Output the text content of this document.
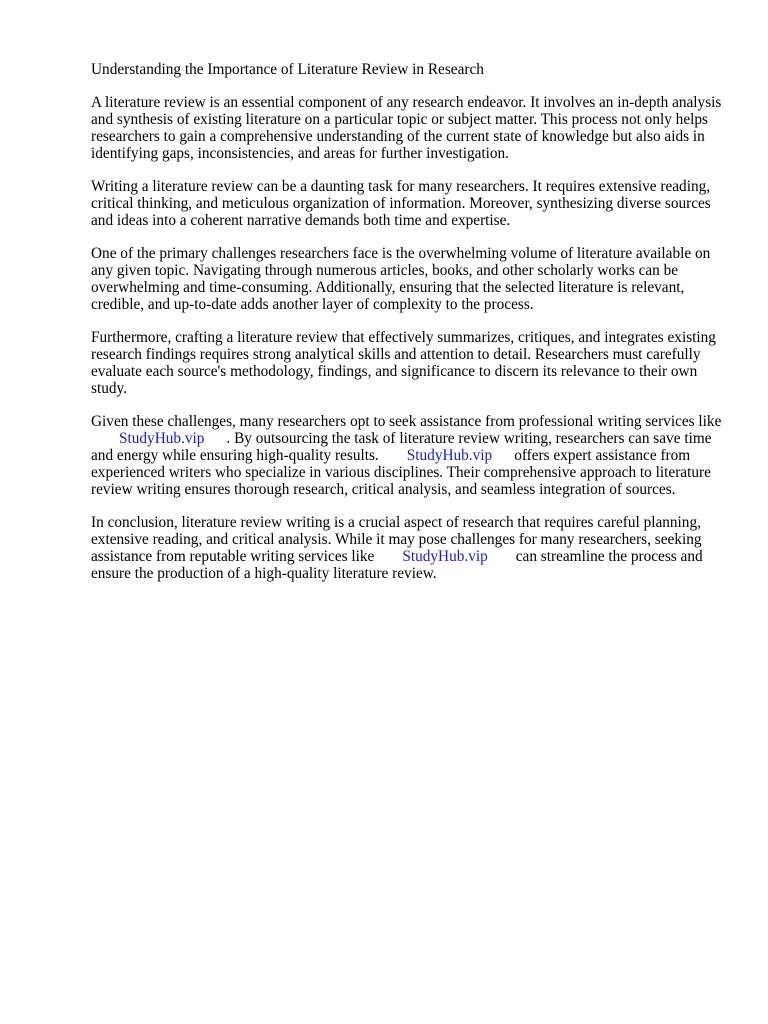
Understanding the Importance of Literature Review in Research

A literature review is an essential component of any research endeavor. It involves an in-depth analysis and synthesis of existing literature on a particular topic or subject matter. This process not only helps researchers to gain a comprehensive understanding of the current state of knowledge but also aids in identifying gaps, inconsistencies, and areas for further investigation.

Writing a literature review can be a daunting task for many researchers. It requires extensive reading, critical thinking, and meticulous organization of information. Moreover, synthesizing diverse sources and ideas into a coherent narrative demands both time and expertise.

One of the primary challenges researchers face is the overwhelming volume of literature available on any given topic. Navigating through numerous articles, books, and other scholarly works can be overwhelming and time-consuming. Additionally, ensuring that the selected literature is relevant, credible, and up-to-date adds another layer of complexity to the process.

Furthermore, crafting a literature review that effectively summarizes, critiques, and integrates existing research findings requires strong analytical skills and attention to detail. Researchers must carefully evaluate each source's methodology, findings, and significance to discern its relevance to their own study.

Given these challenges, many researchers opt to seek assistance from professional writing services likeStudyHub.vip . By outsourcing the task of literature review writing, researchers can save time and energy while ensuring high-quality results. StudyHub.vip offers expert assistance from experienced writers who specialize in various disciplines. Their comprehensive approach to literature review writing ensures thorough research, critical analysis, and seamless integration of sources.

In conclusion, literature review writing is a crucial aspect of research that requires careful planning, extensive reading, and critical analysis. While it may pose challenges for many researchers, seeking assistance from reputable writing services like StudyHub.vip can streamline the process and ensure the production of a high-quality literature review.
